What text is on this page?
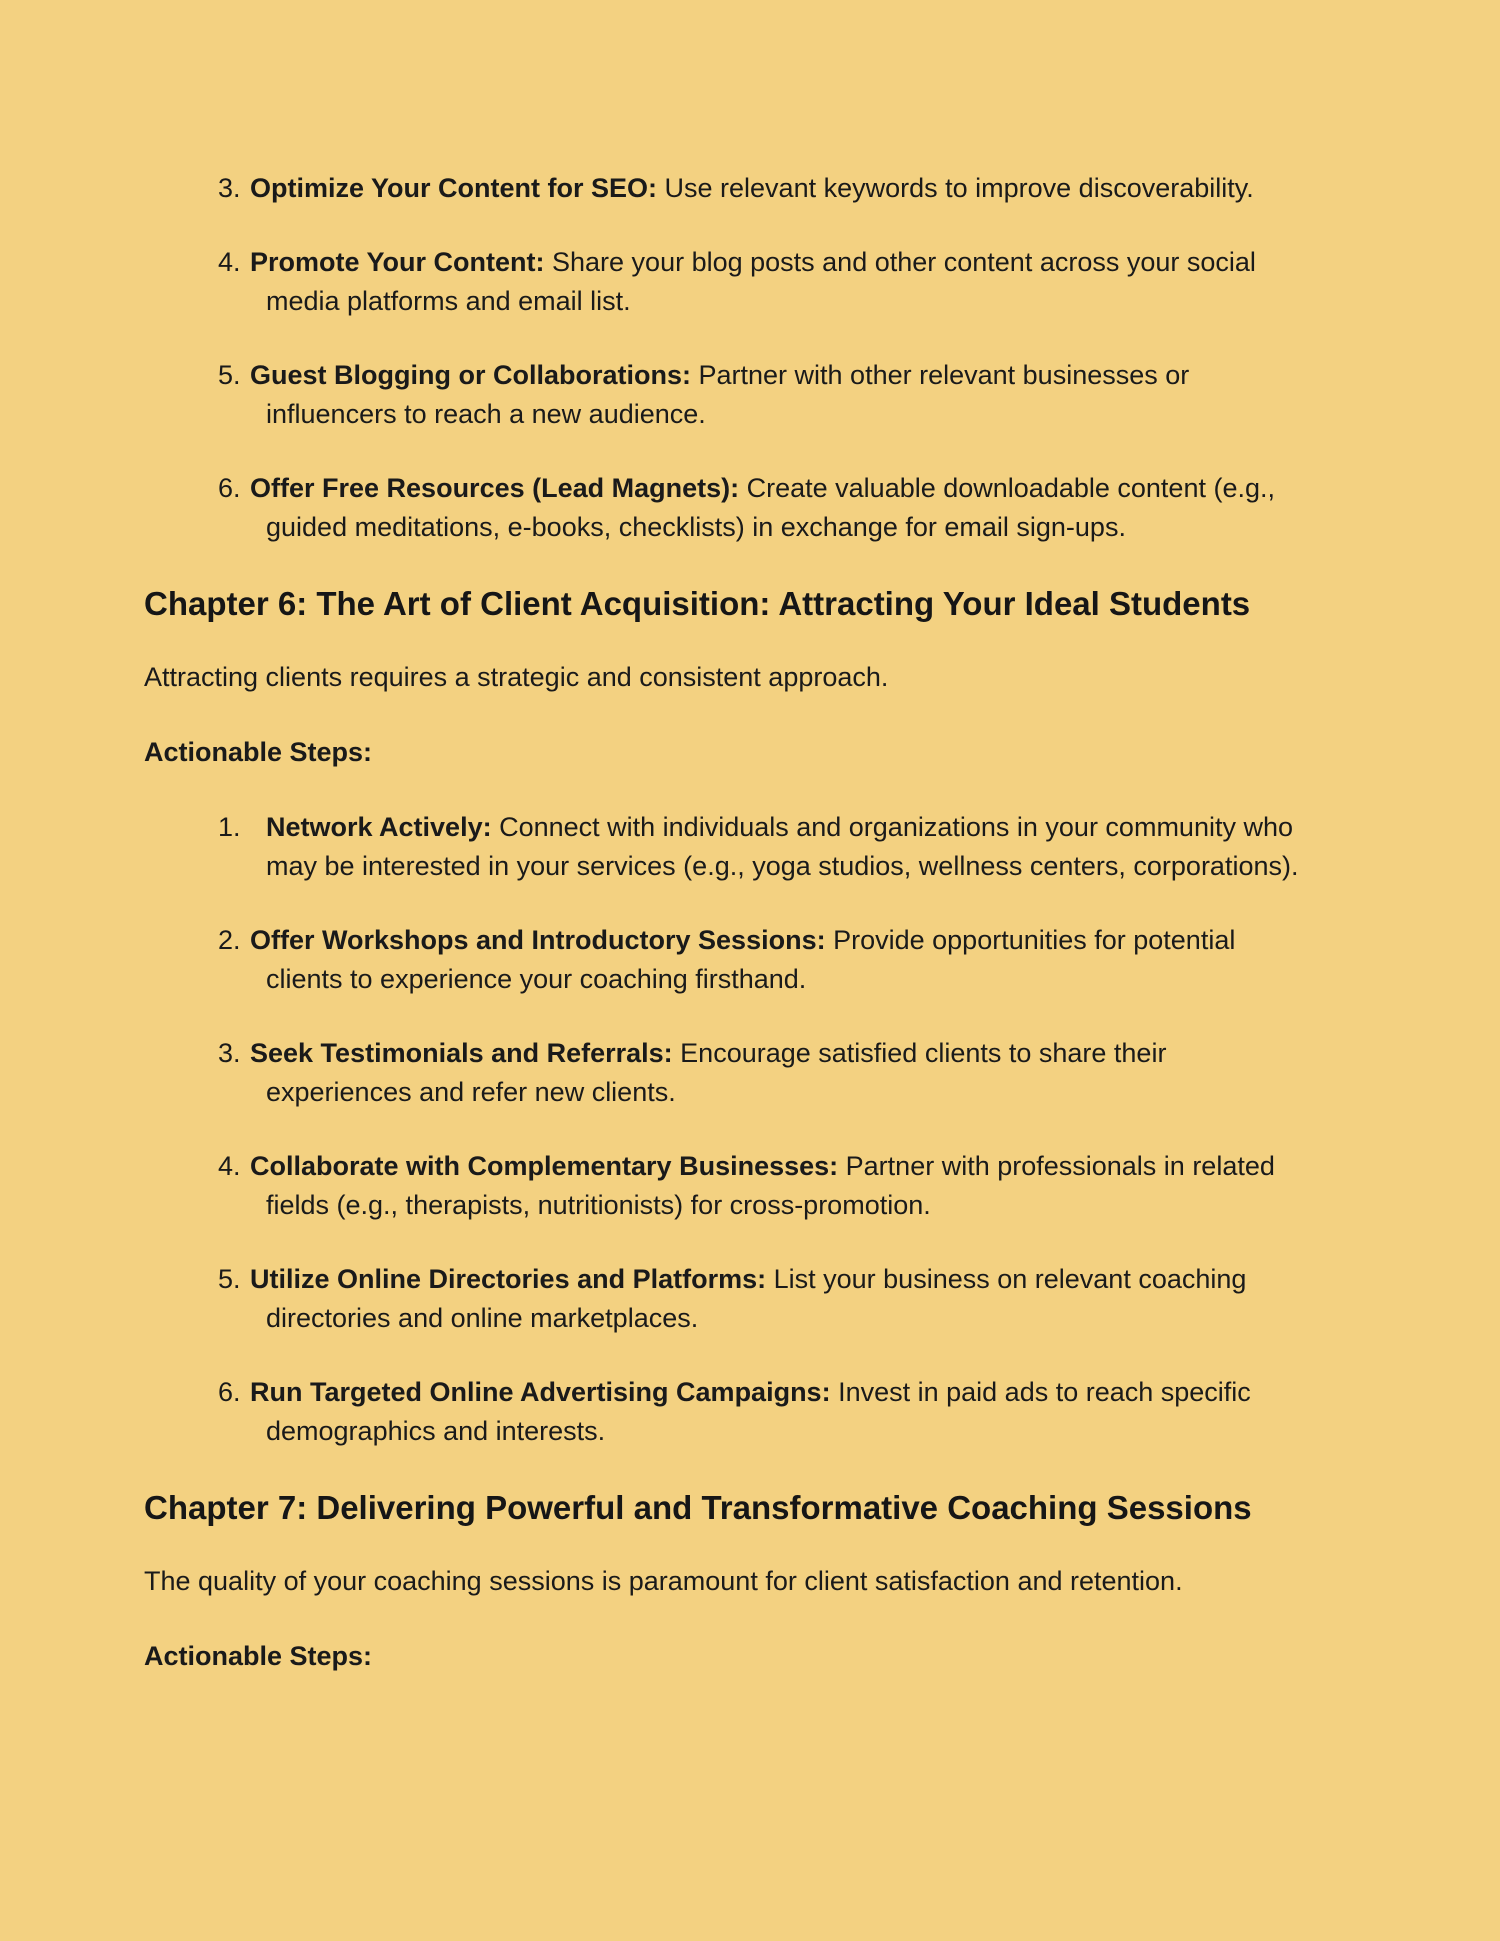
3. Optimize Your Content for SEO: Use relevant keywords to improve discoverability.
4. Promote Your Content: Share your blog posts and other content across your social media platforms and email list.
5. Guest Blogging or Collaborations: Partner with other relevant businesses or influencers to reach a new audience.
6. Offer Free Resources (Lead Magnets): Create valuable downloadable content (e.g., guided meditations, e-books, checklists) in exchange for email sign-ups.
Chapter 6: The Art of Client Acquisition: Attracting Your Ideal Students

Attracting clients requires a strategic and consistent approach.

Actionable Steps:

1. Network Actively: Connect with individuals and organizations in your community who may be interested in your services (e.g., yoga studios, wellness centers, corporations).
2. Offer Workshops and Introductory Sessions: Provide opportunities for potential clients to experience your coaching firsthand.
3. Seek Testimonials and Referrals: Encourage satisfied clients to share their experiences and refer new clients.
4. Collaborate with Complementary Businesses: Partner with professionals in related fields (e.g., therapists, nutritionists) for cross-promotion.
5. Utilize Online Directories and Platforms: List your business on relevant coaching directories and online marketplaces.
6. Run Targeted Online Advertising Campaigns: Invest in paid ads to reach specific demographics and interests.
Chapter 7: Delivering Powerful and Transformative Coaching Sessions

The quality of your coaching sessions is paramount for client satisfaction and retention.

Actionable Steps:
